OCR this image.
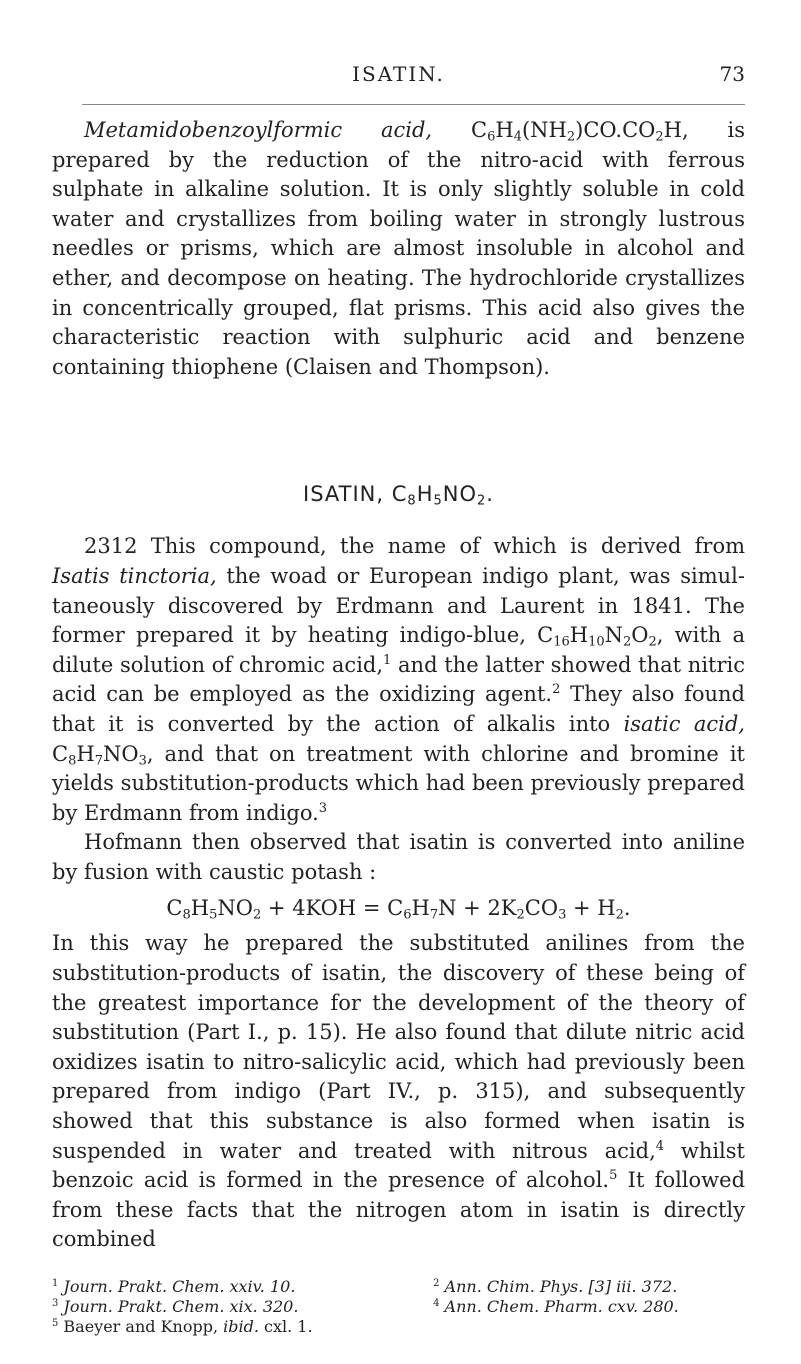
ISATIN.	73

Metamidobenzoylformic acid, $C_6H_4(NH_2)CO.CO_2H$, is prepared by the reduction of the nitro-acid with ferrous sulphate in alkaline solution. It is only slightly soluble in cold water and crystallizes from boiling water in strongly lustrous needles or prisms, which are almost insoluble in alcohol and ether, and decompose on heating. The hydrochloride crystallizes in concentrically grouped, flat prisms. This acid also gives the characteristic reaction with sulphuric acid and benzene containing thiophene (Claisen and Thompson).

ISATIN, $C_8H_5NO_2$.

2312 This compound, the name of which is derived from Isatis tinctoria, the woad or European indigo plant, was simultaneously discovered by Erdmann and Laurent in 1841. The former prepared it by heating indigo-blue, $C_{16}H_{10}N_2O_2$, with a dilute solution of chromic acid,$^1$ and the latter showed that nitric acid can be employed as the oxidizing agent.$^2$ They also found that it is converted by the action of alkalis into isatic acid, $C_8H_7NO_3$, and that on treatment with chlorine and bromine it yields substitution-products which had been previously prepared by Erdmann from indigo.$^3$

Hofmann then observed that isatin is converted into aniline by fusion with caustic potash :

$C_8H_5NO_2 + 4KOH = C_6H_7N + 2K_2CO_3 + H_2$.

In this way he prepared the substituted anilines from the substitution-products of isatin, the discovery of these being of the greatest importance for the development of the theory of substitution (Part I., p. 15). He also found that dilute nitric acid oxidizes isatin to nitro-salicylic acid, which had previously been prepared from indigo (Part IV., p. 315), and subsequently showed that this substance is also formed when isatin is suspended in water and treated with nitrous acid,$^4$ whilst benzoic acid is formed in the presence of alcohol.$^5$ It followed from these facts that the nitrogen atom in isatin is directly combined

$^1$ Journ. Prakt. Chem. xxiv. 10.	$^2$ Ann. Chim. Phys. [3] iii. 372.
$^3$ Journ. Prakt. Chem. xix. 320.	$^4$ Ann. Chem. Pharm. cxv. 280.
$^5$ Baeyer and Knopp, ibid. cxl. 1.
